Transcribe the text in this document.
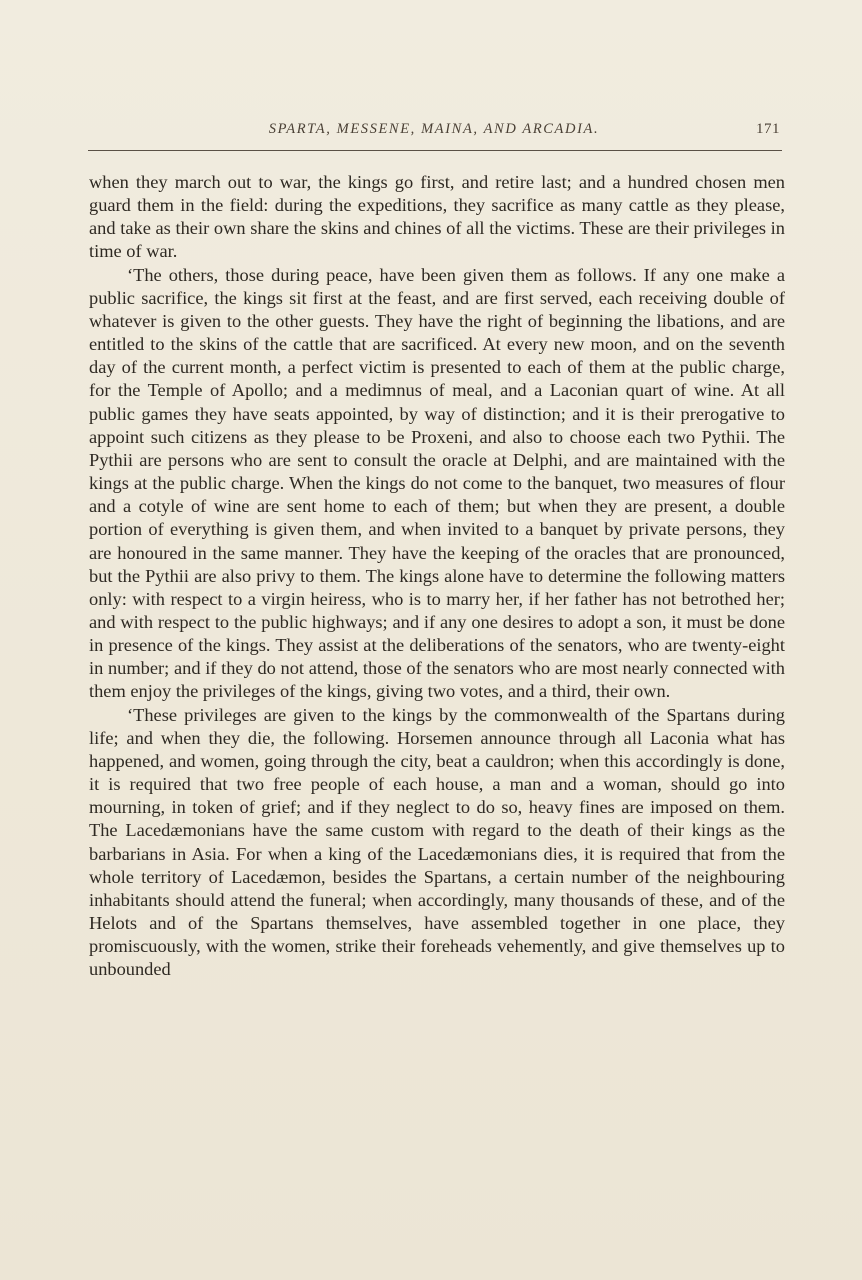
SPARTA, MESSENE, MAINA, AND ARCADIA.	171

when they march out to war, the kings go first, and retire last; and a hundred chosen men guard them in the field: during the expeditions, they sacrifice as many cattle as they please, and take as their own share the skins and chines of all the victims. These are their privileges in time of war.

‘The others, those during peace, have been given them as follows. If any one make a public sacrifice, the kings sit first at the feast, and are first served, each receiving double of whatever is given to the other guests. They have the right of beginning the libations, and are entitled to the skins of the cattle that are sacrificed. At every new moon, and on the seventh day of the current month, a perfect victim is presented to each of them at the public charge, for the Temple of Apollo; and a medimnus of meal, and a Laconian quart of wine. At all public games they have seats appointed, by way of distinction; and it is their prerogative to appoint such citizens as they please to be Proxeni, and also to choose each two Pythii. The Pythii are persons who are sent to consult the oracle at Delphi, and are maintained with the kings at the public charge. When the kings do not come to the banquet, two measures of flour and a cotyle of wine are sent home to each of them; but when they are present, a double portion of everything is given them, and when invited to a banquet by private persons, they are honoured in the same manner. They have the keeping of the oracles that are pronounced, but the Pythii are also privy to them. The kings alone have to determine the following matters only: with respect to a virgin heiress, who is to marry her, if her father has not betrothed her; and with respect to the public highways; and if any one desires to adopt a son, it must be done in presence of the kings. They assist at the deliberations of the senators, who are twenty-eight in number; and if they do not attend, those of the senators who are most nearly connected with them enjoy the privileges of the kings, giving two votes, and a third, their own.

‘These privileges are given to the kings by the commonwealth of the Spartans during life; and when they die, the following. Horsemen announce through all Laconia what has happened, and women, going through the city, beat a cauldron; when this accordingly is done, it is required that two free people of each house, a man and a woman, should go into mourning, in token of grief; and if they neglect to do so, heavy fines are imposed on them. The Lacedæmonians have the same custom with regard to the death of their kings as the barbarians in Asia. For when a king of the Lacedæmonians dies, it is required that from the whole territory of Lacedæmon, besides the Spartans, a certain number of the neighbouring inhabitants should attend the funeral; when accordingly, many thousands of these, and of the Helots and of the Spartans themselves, have assembled together in one place, they promiscuously, with the women, strike their foreheads vehemently, and give themselves up to unbounded
